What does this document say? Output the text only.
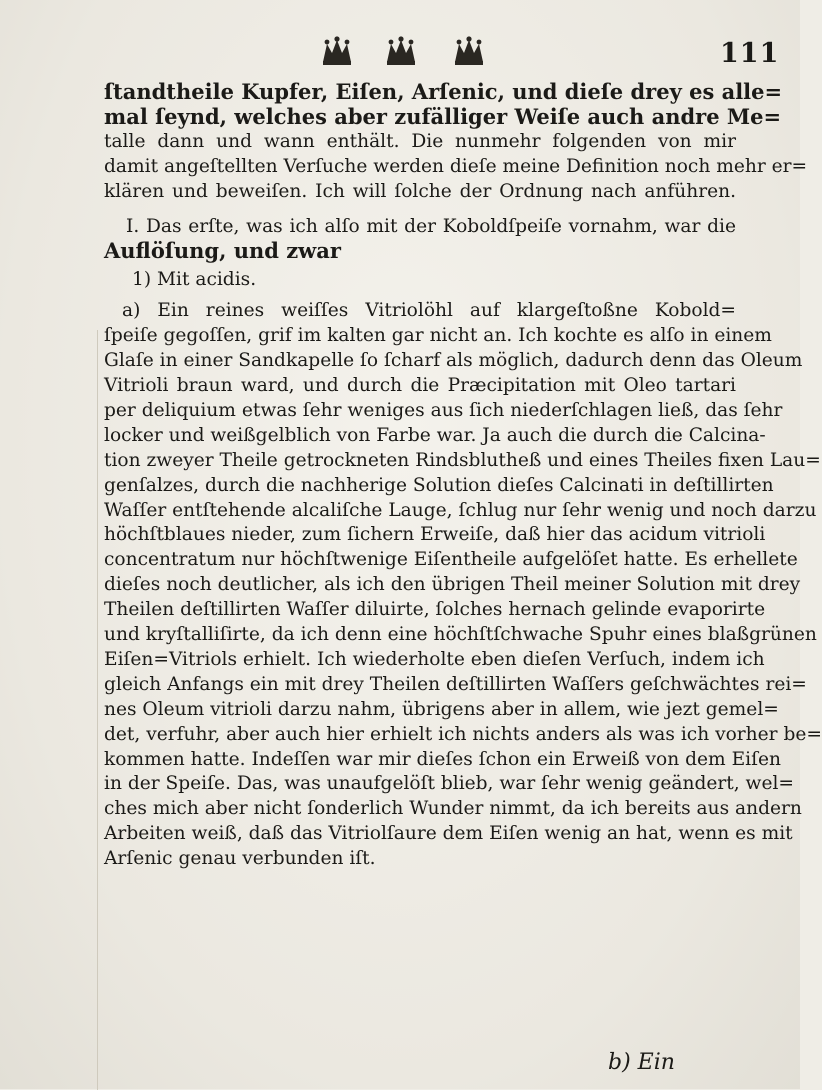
111
ſtandtheile Kupfer, Eiſen, Arſenic, und dieſe drey es alle=
mal ſeynd, welches aber zufälliger Weiſe auch andre Me=
talle dann und wann enthält. Die nunmehr folgenden von mir
damit angeſtellten Verſuche werden dieſe meine Definition noch mehr er=
klären und beweiſen. Ich will ſolche der Ordnung nach anführen.
I. Das erſte, was ich alſo mit der Koboldſpeiſe vornahm, war die
Auflöſung, und zwar
1) Mit acidis.
a) Ein reines weiſſes Vitriolöhl auf klargeſtoßne Kobold=
ſpeiſe gegoſſen, grif im kalten gar nicht an. Ich kochte es alſo in einem
Glaſe in einer Sandkapelle ſo ſcharf als möglich, dadurch denn das Oleum
Vitrioli braun ward, und durch die Præcipitation mit Oleo tartari
per deliquium etwas ſehr weniges aus ſich niederſchlagen ließ, das ſehr
locker und weißgelblich von Farbe war. Ja auch die durch die Calcina-
tion zweyer Theile getrockneten Rindsblutheß und eines Theiles fixen Lau=
genſalzes, durch die nachherige Solution dieſes Calcinati in deſtillirten
Waſſer entſtehende alcaliſche Lauge, ſchlug nur ſehr wenig und noch darzu
höchſtblaues nieder, zum ſichern Erweiſe, daß hier das acidum vitrioli
concentratum nur höchſtwenige Eiſentheile aufgelöſet hatte. Es erhellete
dieſes noch deutlicher, als ich den übrigen Theil meiner Solution mit drey
Theilen deſtillirten Waſſer diluirte, ſolches hernach gelinde evaporirte
und kryſtalliſirte, da ich denn eine höchſtſchwache Spuhr eines blaßgrünen
Eiſen=Vitriols erhielt. Ich wiederholte eben dieſen Verſuch, indem ich
gleich Anfangs ein mit drey Theilen deſtillirten Waſſers geſchwächtes rei=
nes Oleum vitrioli darzu nahm, übrigens aber in allem, wie jezt gemel=
det, verfuhr, aber auch hier erhielt ich nichts anders als was ich vorher be=
kommen hatte. Indeſſen war mir dieſes ſchon ein Erweiß von dem Eiſen
in der Speiſe. Das, was unaufgelöſt blieb, war ſehr wenig geändert, wel=
ches mich aber nicht ſonderlich Wunder nimmt, da ich bereits aus andern
Arbeiten weiß, daß das Vitriolſaure dem Eiſen wenig an hat, wenn es mit
Arſenic genau verbunden iſt.
b) Ein
